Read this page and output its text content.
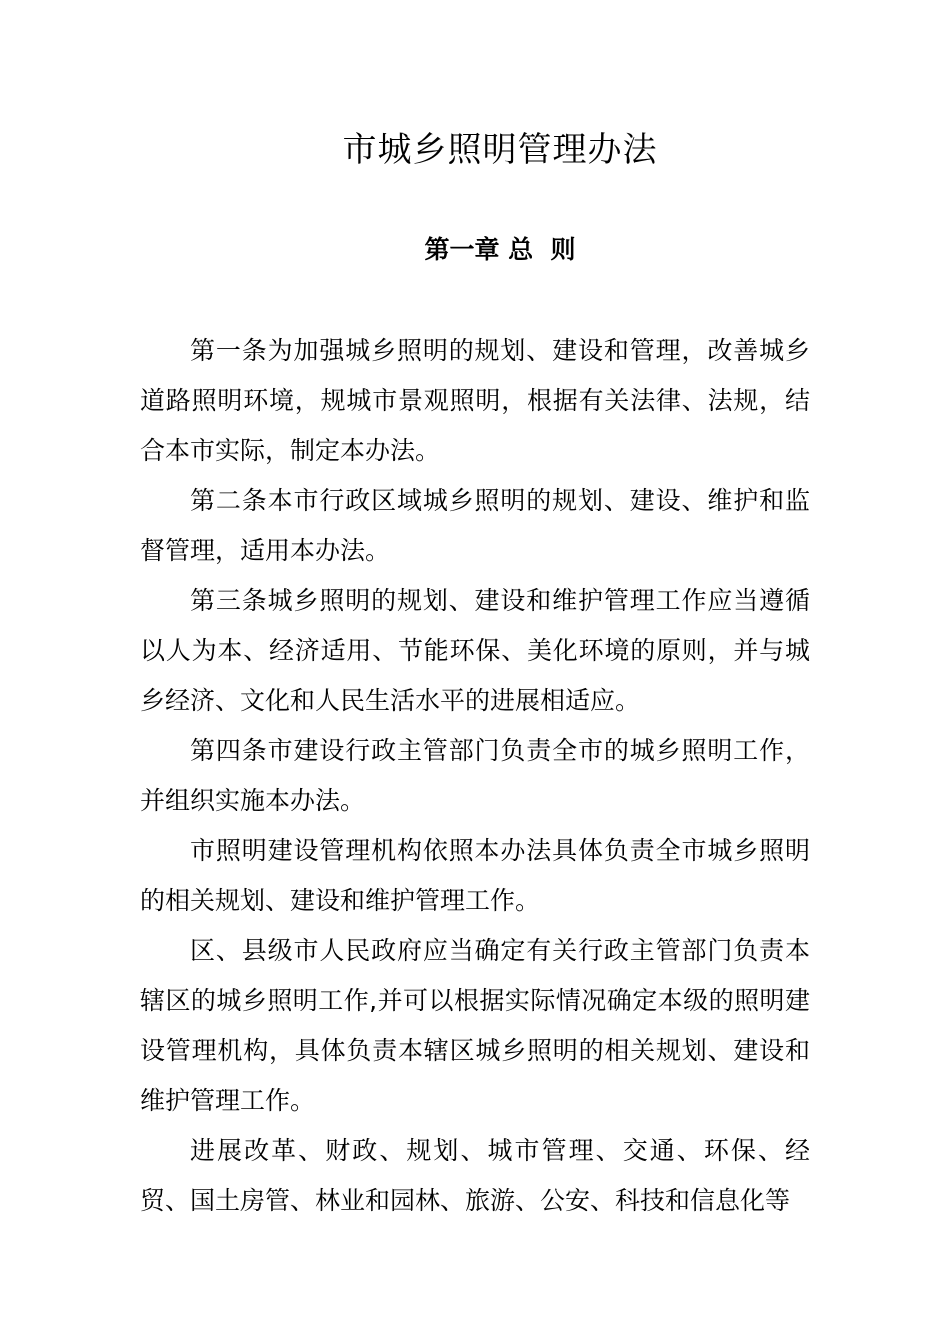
市城乡照明管理办法
第一章 总  则

第一条为加强城乡照明的规划、建设和管理，改善城乡道路照明环境，规城市景观照明，根据有关法律、法规，结合本市实际，制定本办法。

第二条本市行政区域城乡照明的规划、建设、维护和监督管理，适用本办法。

第三条城乡照明的规划、建设和维护管理工作应当遵循以人为本、经济适用、节能环保、美化环境的原则，并与城乡经济、文化和人民生活水平的进展相适应。

第四条市建设行政主管部门负责全市的城乡照明工作，并组织实施本办法。

市照明建设管理机构依照本办法具体负责全市城乡照明的相关规划、建设和维护管理工作。

区、县级市人民政府应当确定有关行政主管部门负责本辖区的城乡照明工作,并可以根据实际情况确定本级的照明建设管理机构，具体负责本辖区城乡照明的相关规划、建设和维护管理工作。

进展改革、财政、规划、城市管理、交通、环保、经贸、国土房管、林业和园林、旅游、公安、科技和信息化等
